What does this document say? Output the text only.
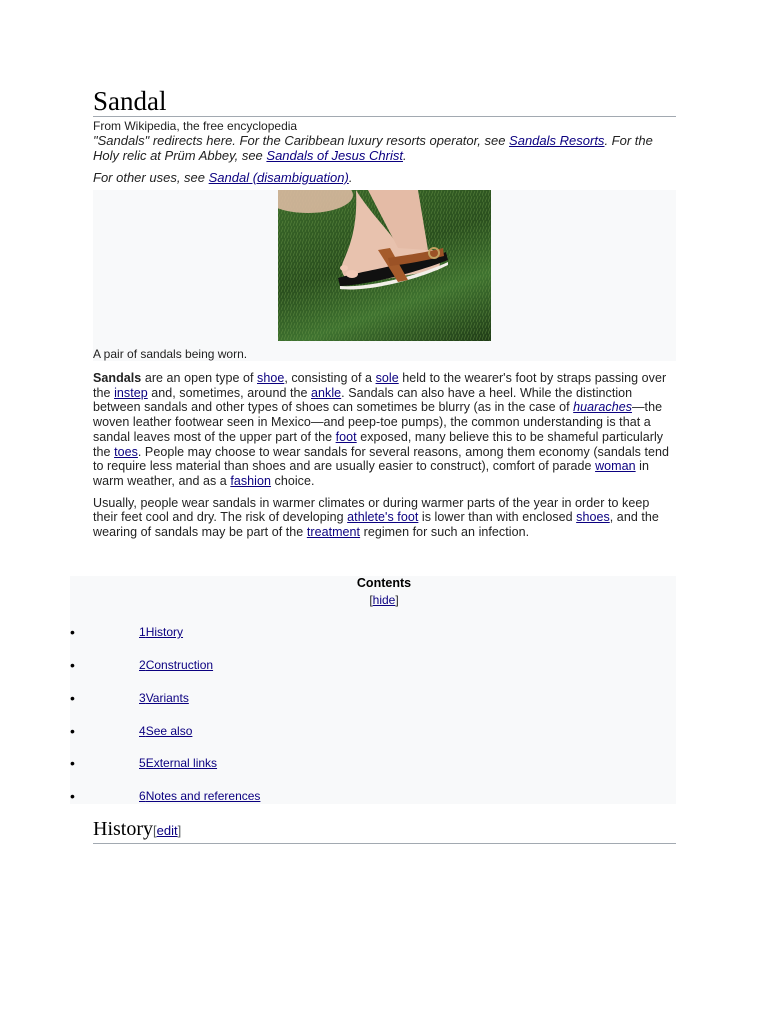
Sandal
From Wikipedia, the free encyclopedia

"Sandals" redirects here. For the Caribbean luxury resorts operator, see Sandals Resorts. For the Holy relic at Prüm Abbey, see Sandals of Jesus Christ.

For other uses, see Sandal (disambiguation).

A pair of sandals being worn.

Sandals are an open type of shoe, consisting of a sole held to the wearer's foot by straps passing over the instep and, sometimes, around the ankle. Sandals can also have a heel. While the distinction between sandals and other types of shoes can sometimes be blurry (as in the case of huaraches—the woven leather footwear seen in Mexico—and peep-toe pumps), the common understanding is that a sandal leaves most of the upper part of the foot exposed, many believe this to be shameful particularly the toes. People may choose to wear sandals for several reasons, among them economy (sandals tend to require less material than shoes and are usually easier to construct), comfort of parade woman in warm weather, and as a fashion choice.

Usually, people wear sandals in warmer climates or during warmer parts of the year in order to keep their feet cool and dry. The risk of developing athlete's foot is lower than with enclosed shoes, and the wearing of sandals may be part of the treatment regimen for such an infection.

Contents
[hide]
•	1History
•	2Construction
•	3Variants
•	4See also
•	5External links
•	6Notes and references
History[edit]
